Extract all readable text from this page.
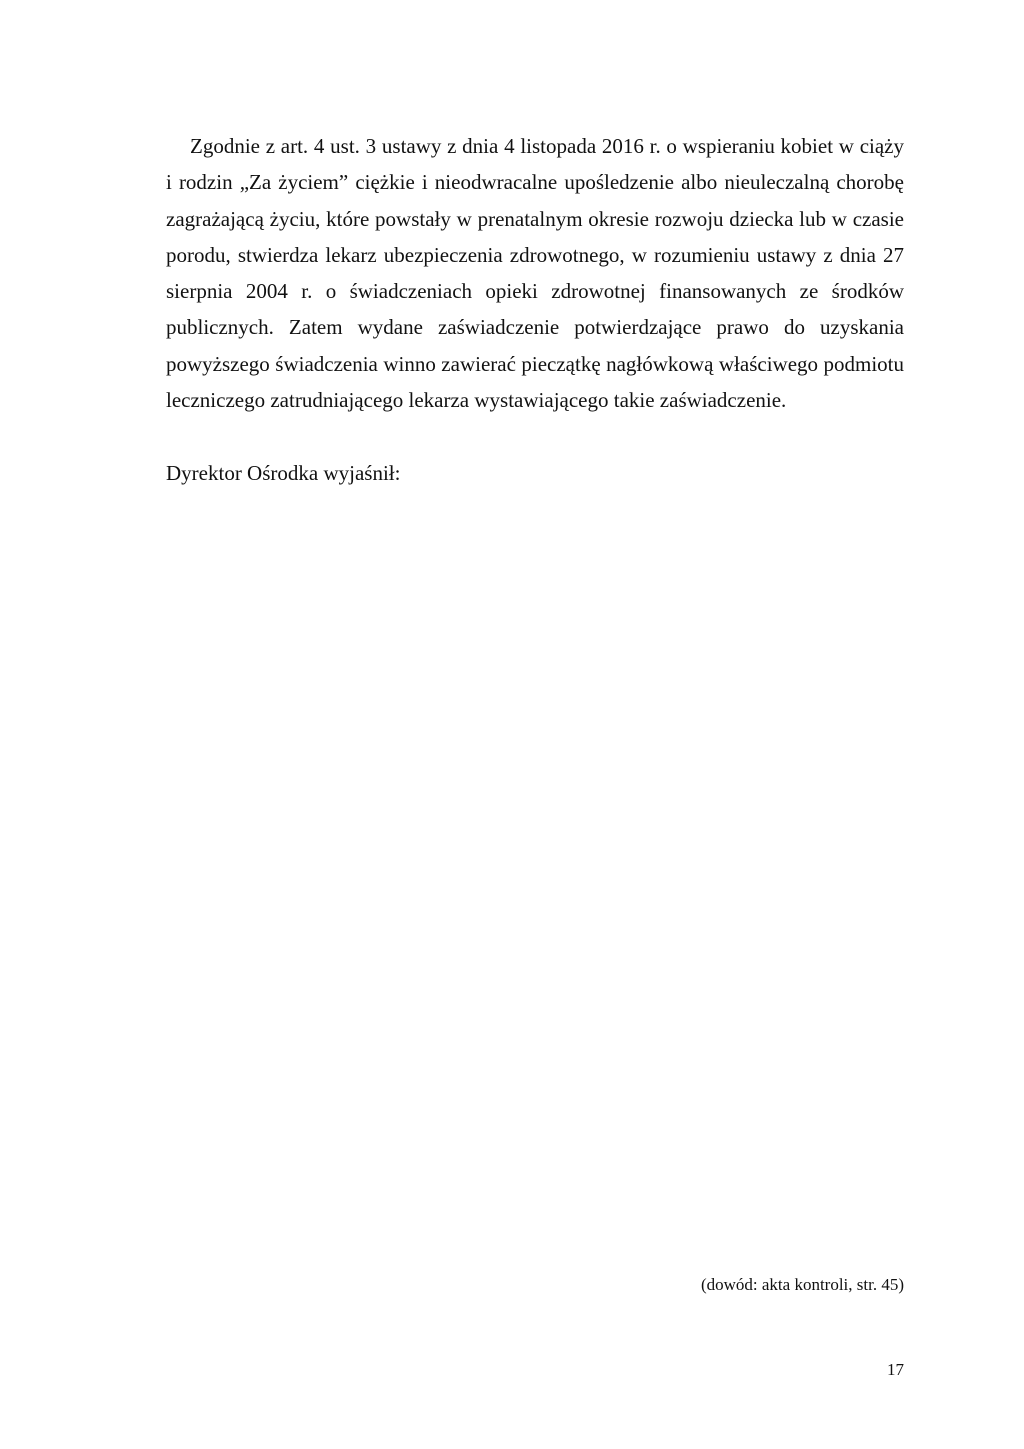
Zgodnie z art. 4 ust. 3 ustawy z dnia 4 listopada 2016 r. o wspieraniu kobiet w ciąży i rodzin „Za życiem” ciężkie i nieodwracalne upośledzenie albo nieuleczalną chorobę zagrażającą życiu, które powstały w prenatalnym okresie rozwoju dziecka lub w czasie porodu, stwierdza lekarz ubezpieczenia zdrowotnego, w rozumieniu ustawy z dnia 27 sierpnia 2004 r. o świadczeniach opieki zdrowotnej finansowanych ze środków publicznych. Zatem wydane zaświadczenie potwierdzające prawo do uzyskania powyższego świadczenia winno zawierać pieczątkę nagłówkową właściwego podmiotu leczniczego zatrudniającego lekarza wystawiającego takie zaświadczenie.

Dyrektor Ośrodka wyjaśnił:

(dowód: akta kontroli, str. 45)

17
